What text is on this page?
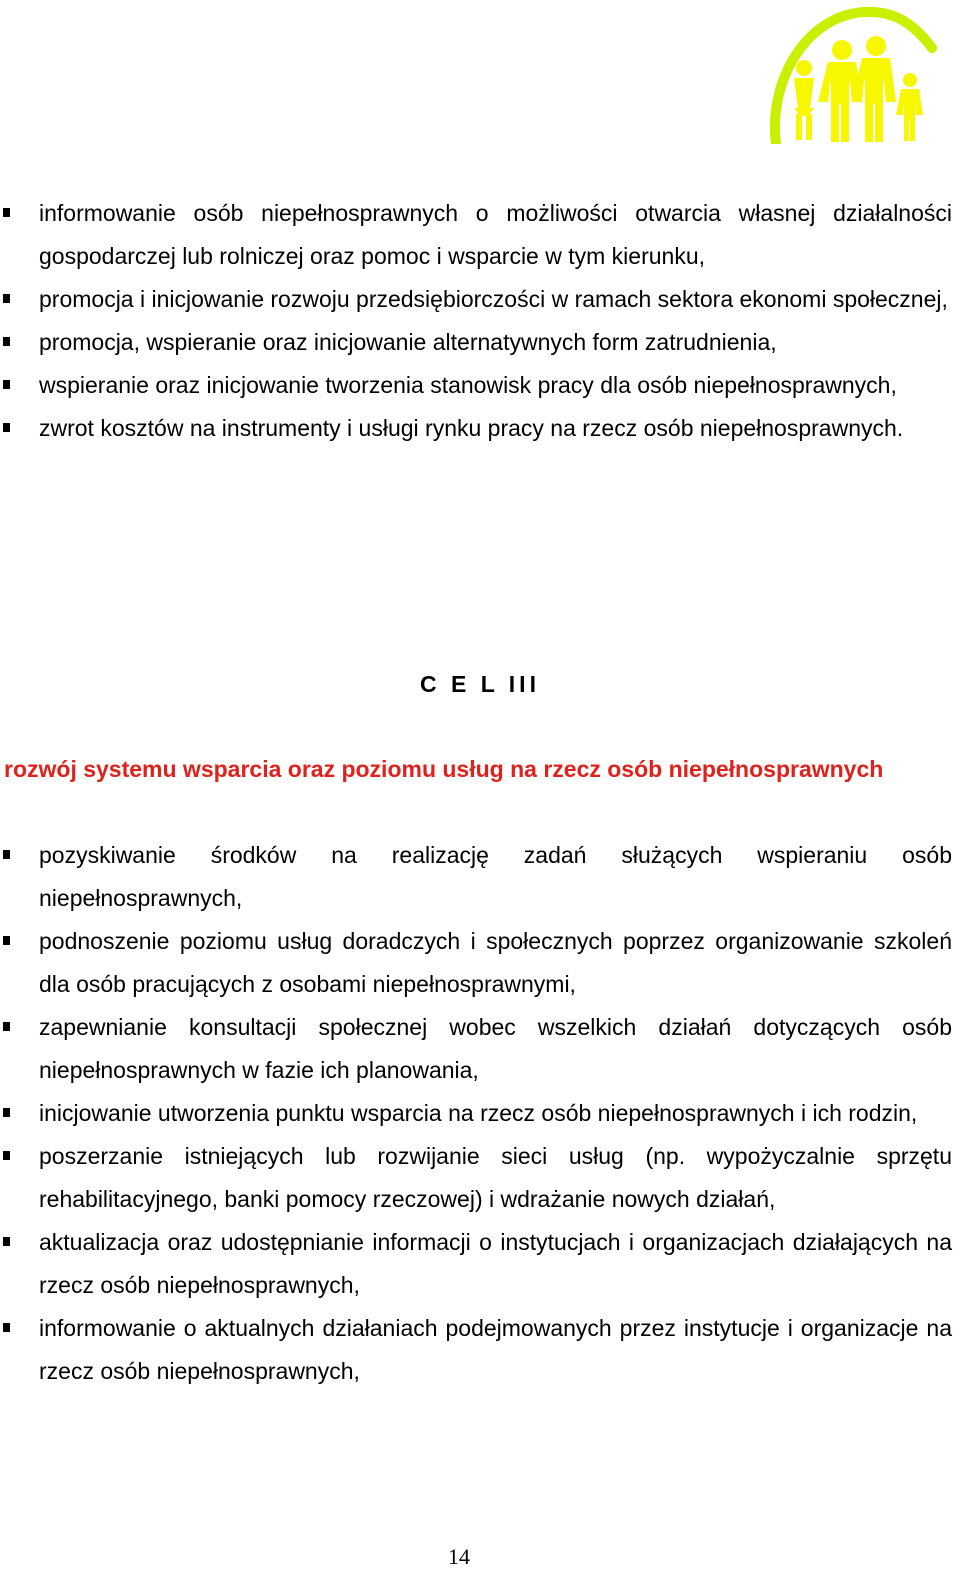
informowanie osób niepełnosprawnych o możliwości otwarcia własnej działalności gospodarczej lub rolniczej oraz pomoc i wsparcie w tym kierunku,
promocja i inicjowanie rozwoju przedsiębiorczości w ramach sektora ekonomi społecznej,
promocja, wspieranie oraz inicjowanie alternatywnych form zatrudnienia,
wspieranie oraz inicjowanie tworzenia stanowisk pracy dla osób niepełnosprawnych,
zwrot kosztów na instrumenty i usługi rynku pracy na rzecz osób niepełnosprawnych.
C E L III
rozwój systemu wsparcia oraz poziomu usług na rzecz osób niepełnosprawnych
pozyskiwanie środków na realizację zadań służących wspieraniu osób niepełnosprawnych,
podnoszenie poziomu usług doradczych i społecznych poprzez organizowanie szkoleń dla osób pracujących z osobami niepełnosprawnymi,
zapewnianie konsultacji społecznej wobec wszelkich działań dotyczących osób niepełnosprawnych w fazie ich planowania,
inicjowanie utworzenia punktu wsparcia na rzecz osób niepełnosprawnych i ich rodzin,
poszerzanie istniejących lub rozwijanie sieci usług (np. wypożyczalnie sprzętu rehabilitacyjnego, banki pomocy rzeczowej) i wdrażanie nowych działań,
aktualizacja oraz udostępnianie informacji o instytucjach i organizacjach działających na rzecz osób niepełnosprawnych,
informowanie o aktualnych działaniach podejmowanych przez instytucje i organizacje na rzecz osób niepełnosprawnych,
14
